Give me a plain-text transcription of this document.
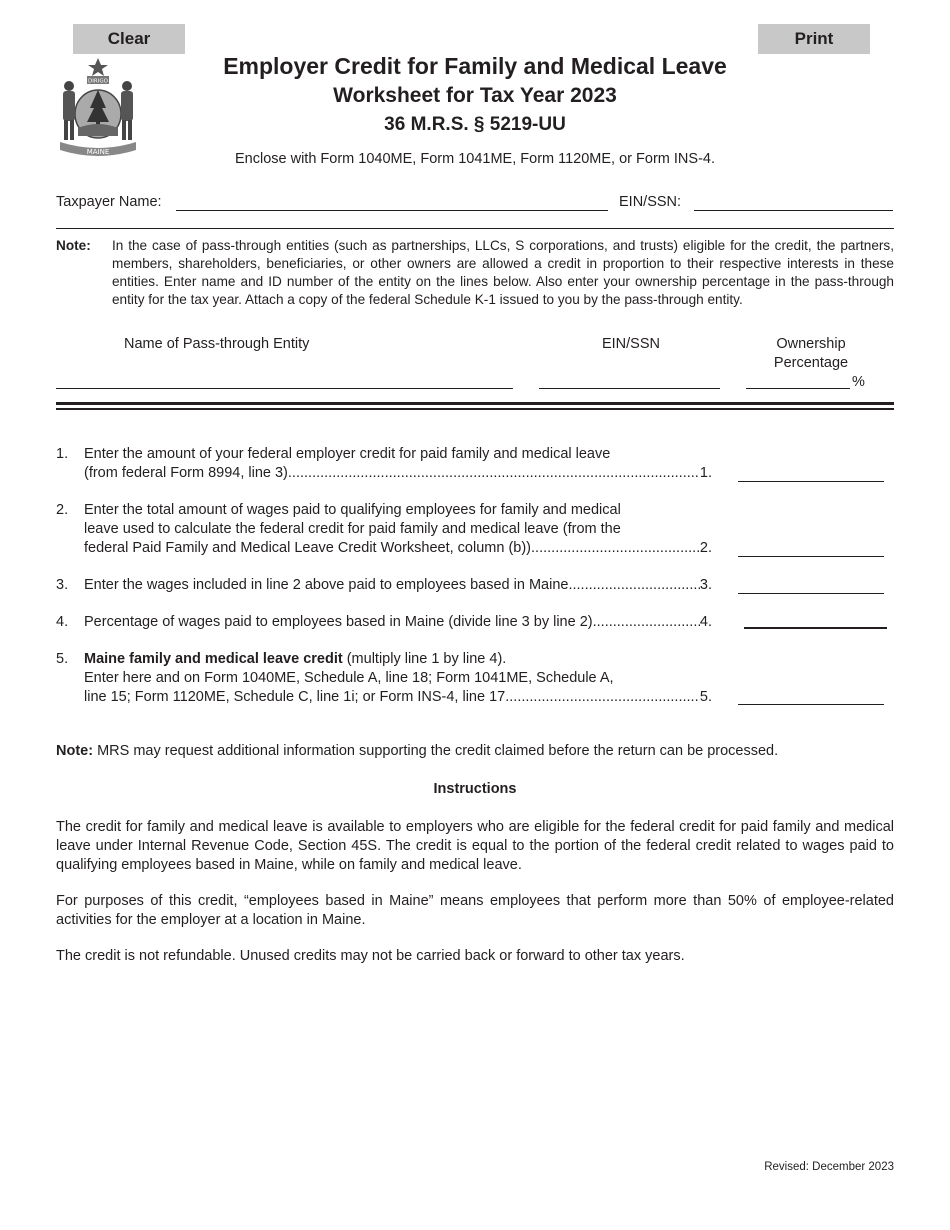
Clear	Print
DIRIGO
MAINE
Employer Credit for Family and Medical Leave
Worksheet for Tax Year 2023
36 M.R.S. § 5219-UU
Enclose with Form 1040ME, Form 1041ME, Form 1120ME, or Form INS-4.
Taxpayer Name:	EIN/SSN:
Note: In the case of pass-through entities (such as partnerships, LLCs, S corporations, and trusts) eligible for the credit, the partners, members, shareholders, beneficiaries, or other owners are allowed a credit in proportion to their respective interests in these entities. Enter name and ID number of the entity on the lines below. Also enter your ownership percentage in the pass-through entity for the tax year. Attach a copy of the federal Schedule K-1 issued to you by the pass-through entity.
Name of Pass-through Entity	EIN/SSN	Ownership
Percentage
%
1. Enter the amount of your federal employer credit for paid family and medical leave
(from federal Form 8994, line 3). .....	1.
2. Enter the total amount of wages paid to qualifying employees for family and medical
leave used to calculate the federal credit for paid family and medical leave (from the
federal Paid Family and Medical Leave Credit Worksheet, column (b)). .....	2.
3. Enter the wages included in line 2 above paid to employees based in Maine. .....	3.
4. Percentage of wages paid to employees based in Maine (divide line 3 by line 2). .....	4.
5. Maine family and medical leave credit (multiply line 1 by line 4).
Enter here and on Form 1040ME, Schedule A, line 18; Form 1041ME, Schedule A,
line 15; Form 1120ME, Schedule C, line 1i; or Form INS-4, line 17. .....	5.
Note: MRS may request additional information supporting the credit claimed before the return can be processed.
Instructions
The credit for family and medical leave is available to employers who are eligible for the federal credit for paid family and medical leave under Internal Revenue Code, Section 45S. The credit is equal to the portion of the federal credit related to wages paid to qualifying employees based in Maine, while on family and medical leave.
For purposes of this credit, “employees based in Maine” means employees that perform more than 50% of employee-related activities for the employer at a location in Maine.
The credit is not refundable. Unused credits may not be carried back or forward to other tax years.
Revised: December 2023
